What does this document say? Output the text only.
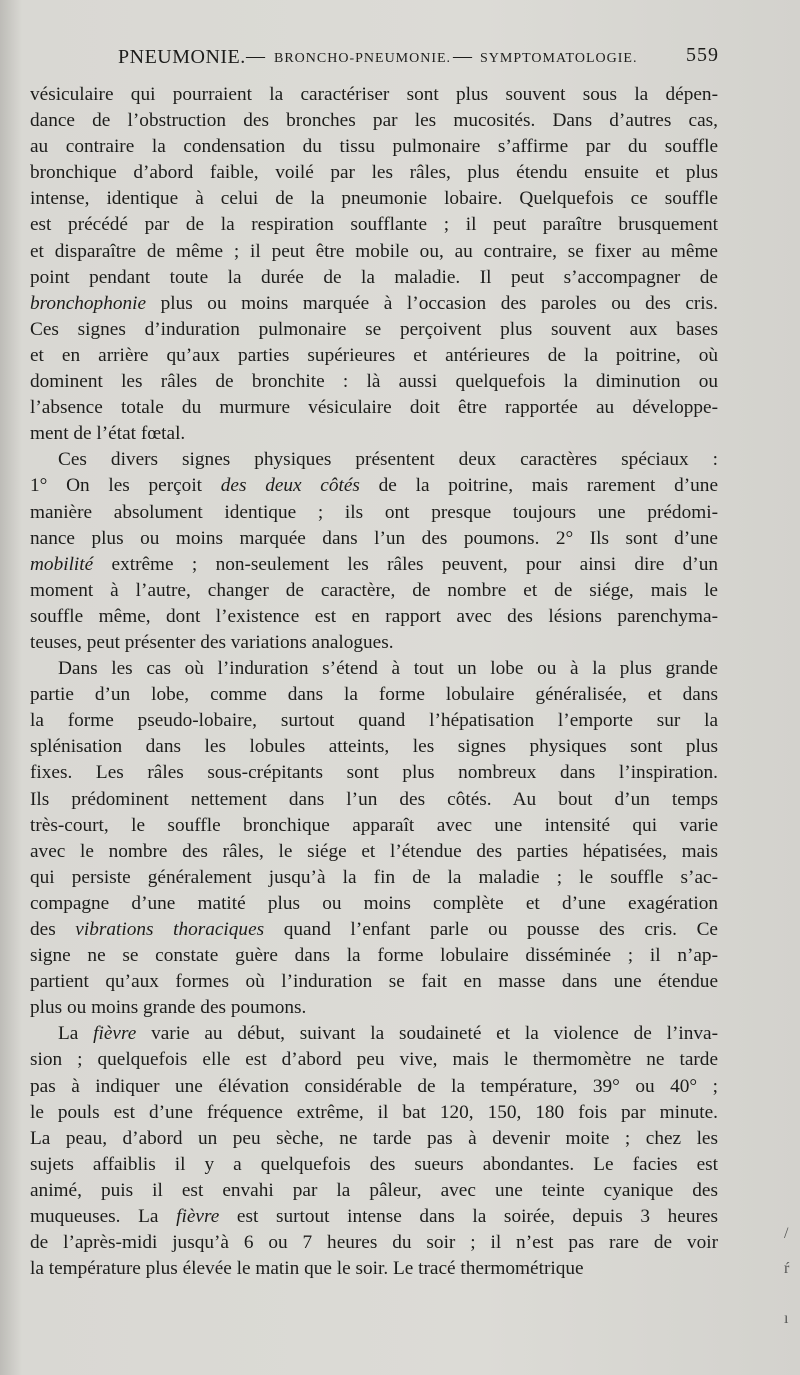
PNEUMONIE. — BRONCHO-PNEUMONIE. — SYMPTOMATOLOGIE. 559
vésiculaire qui pourraient la caractériser sont plus souvent sous la dépen-
dance de l’obstruction des bronches par les mucosités. Dans d’autres cas,
au contraire la condensation du tissu pulmonaire s’affirme par du souffle
bronchique d’abord faible, voilé par les râles, plus étendu ensuite et plus
intense, identique à celui de la pneumonie lobaire. Quelquefois ce souffle
est précédé par de la respiration soufflante ; il peut paraître brusquement
et disparaître de même ; il peut être mobile ou, au contraire, se fixer au même
point pendant toute la durée de la maladie. Il peut s’accompagner de
bronchophonie plus ou moins marquée à l’occasion des paroles ou des cris.
Ces signes d’induration pulmonaire se perçoivent plus souvent aux bases
et en arrière qu’aux parties supérieures et antérieures de la poitrine, où
dominent les râles de bronchite : là aussi quelquefois la diminution ou
l’absence totale du murmure vésiculaire doit être rapportée au développe-
ment de l’état fœtal.
Ces divers signes physiques présentent deux caractères spéciaux :
1° On les perçoit des deux côtés de la poitrine, mais rarement d’une
manière absolument identique ; ils ont presque toujours une prédomi-
nance plus ou moins marquée dans l’un des poumons. 2° Ils sont d’une
mobilité extrême ; non-seulement les râles peuvent, pour ainsi dire d’un
moment à l’autre, changer de caractère, de nombre et de siége, mais le
souffle même, dont l’existence est en rapport avec des lésions parenchyma-
teuses, peut présenter des variations analogues.
Dans les cas où l’induration s’étend à tout un lobe ou à la plus grande
partie d’un lobe, comme dans la forme lobulaire généralisée, et dans
la forme pseudo-lobaire, surtout quand l’hépatisation l’emporte sur la
splénisation dans les lobules atteints, les signes physiques sont plus
fixes. Les râles sous-crépitants sont plus nombreux dans l’inspiration.
Ils prédominent nettement dans l’un des côtés. Au bout d’un temps
très-court, le souffle bronchique apparaît avec une intensité qui varie
avec le nombre des râles, le siége et l’étendue des parties hépatisées, mais
qui persiste généralement jusqu’à la fin de la maladie ; le souffle s’ac-
compagne d’une matité plus ou moins complète et d’une exagération
des vibrations thoraciques quand l’enfant parle ou pousse des cris. Ce
signe ne se constate guère dans la forme lobulaire disséminée ; il n’ap-
partient qu’aux formes où l’induration se fait en masse dans une étendue
plus ou moins grande des poumons.
La fièvre varie au début, suivant la soudaineté et la violence de l’inva-
sion ; quelquefois elle est d’abord peu vive, mais le thermomètre ne tarde
pas à indiquer une élévation considérable de la température, 39° ou 40° ;
le pouls est d’une fréquence extrême, il bat 120, 150, 180 fois par minute.
La peau, d’abord un peu sèche, ne tarde pas à devenir moite ; chez les
sujets affaiblis il y a quelquefois des sueurs abondantes. Le facies est
animé, puis il est envahi par la pâleur, avec une teinte cyanique des
muqueuses. La fièvre est surtout intense dans la soirée, depuis 3 heures
de l’après-midi jusqu’à 6 ou 7 heures du soir ; il n’est pas rare de voir
la température plus élevée le matin que le soir. Le tracé thermométrique
/
ŕ
ı
